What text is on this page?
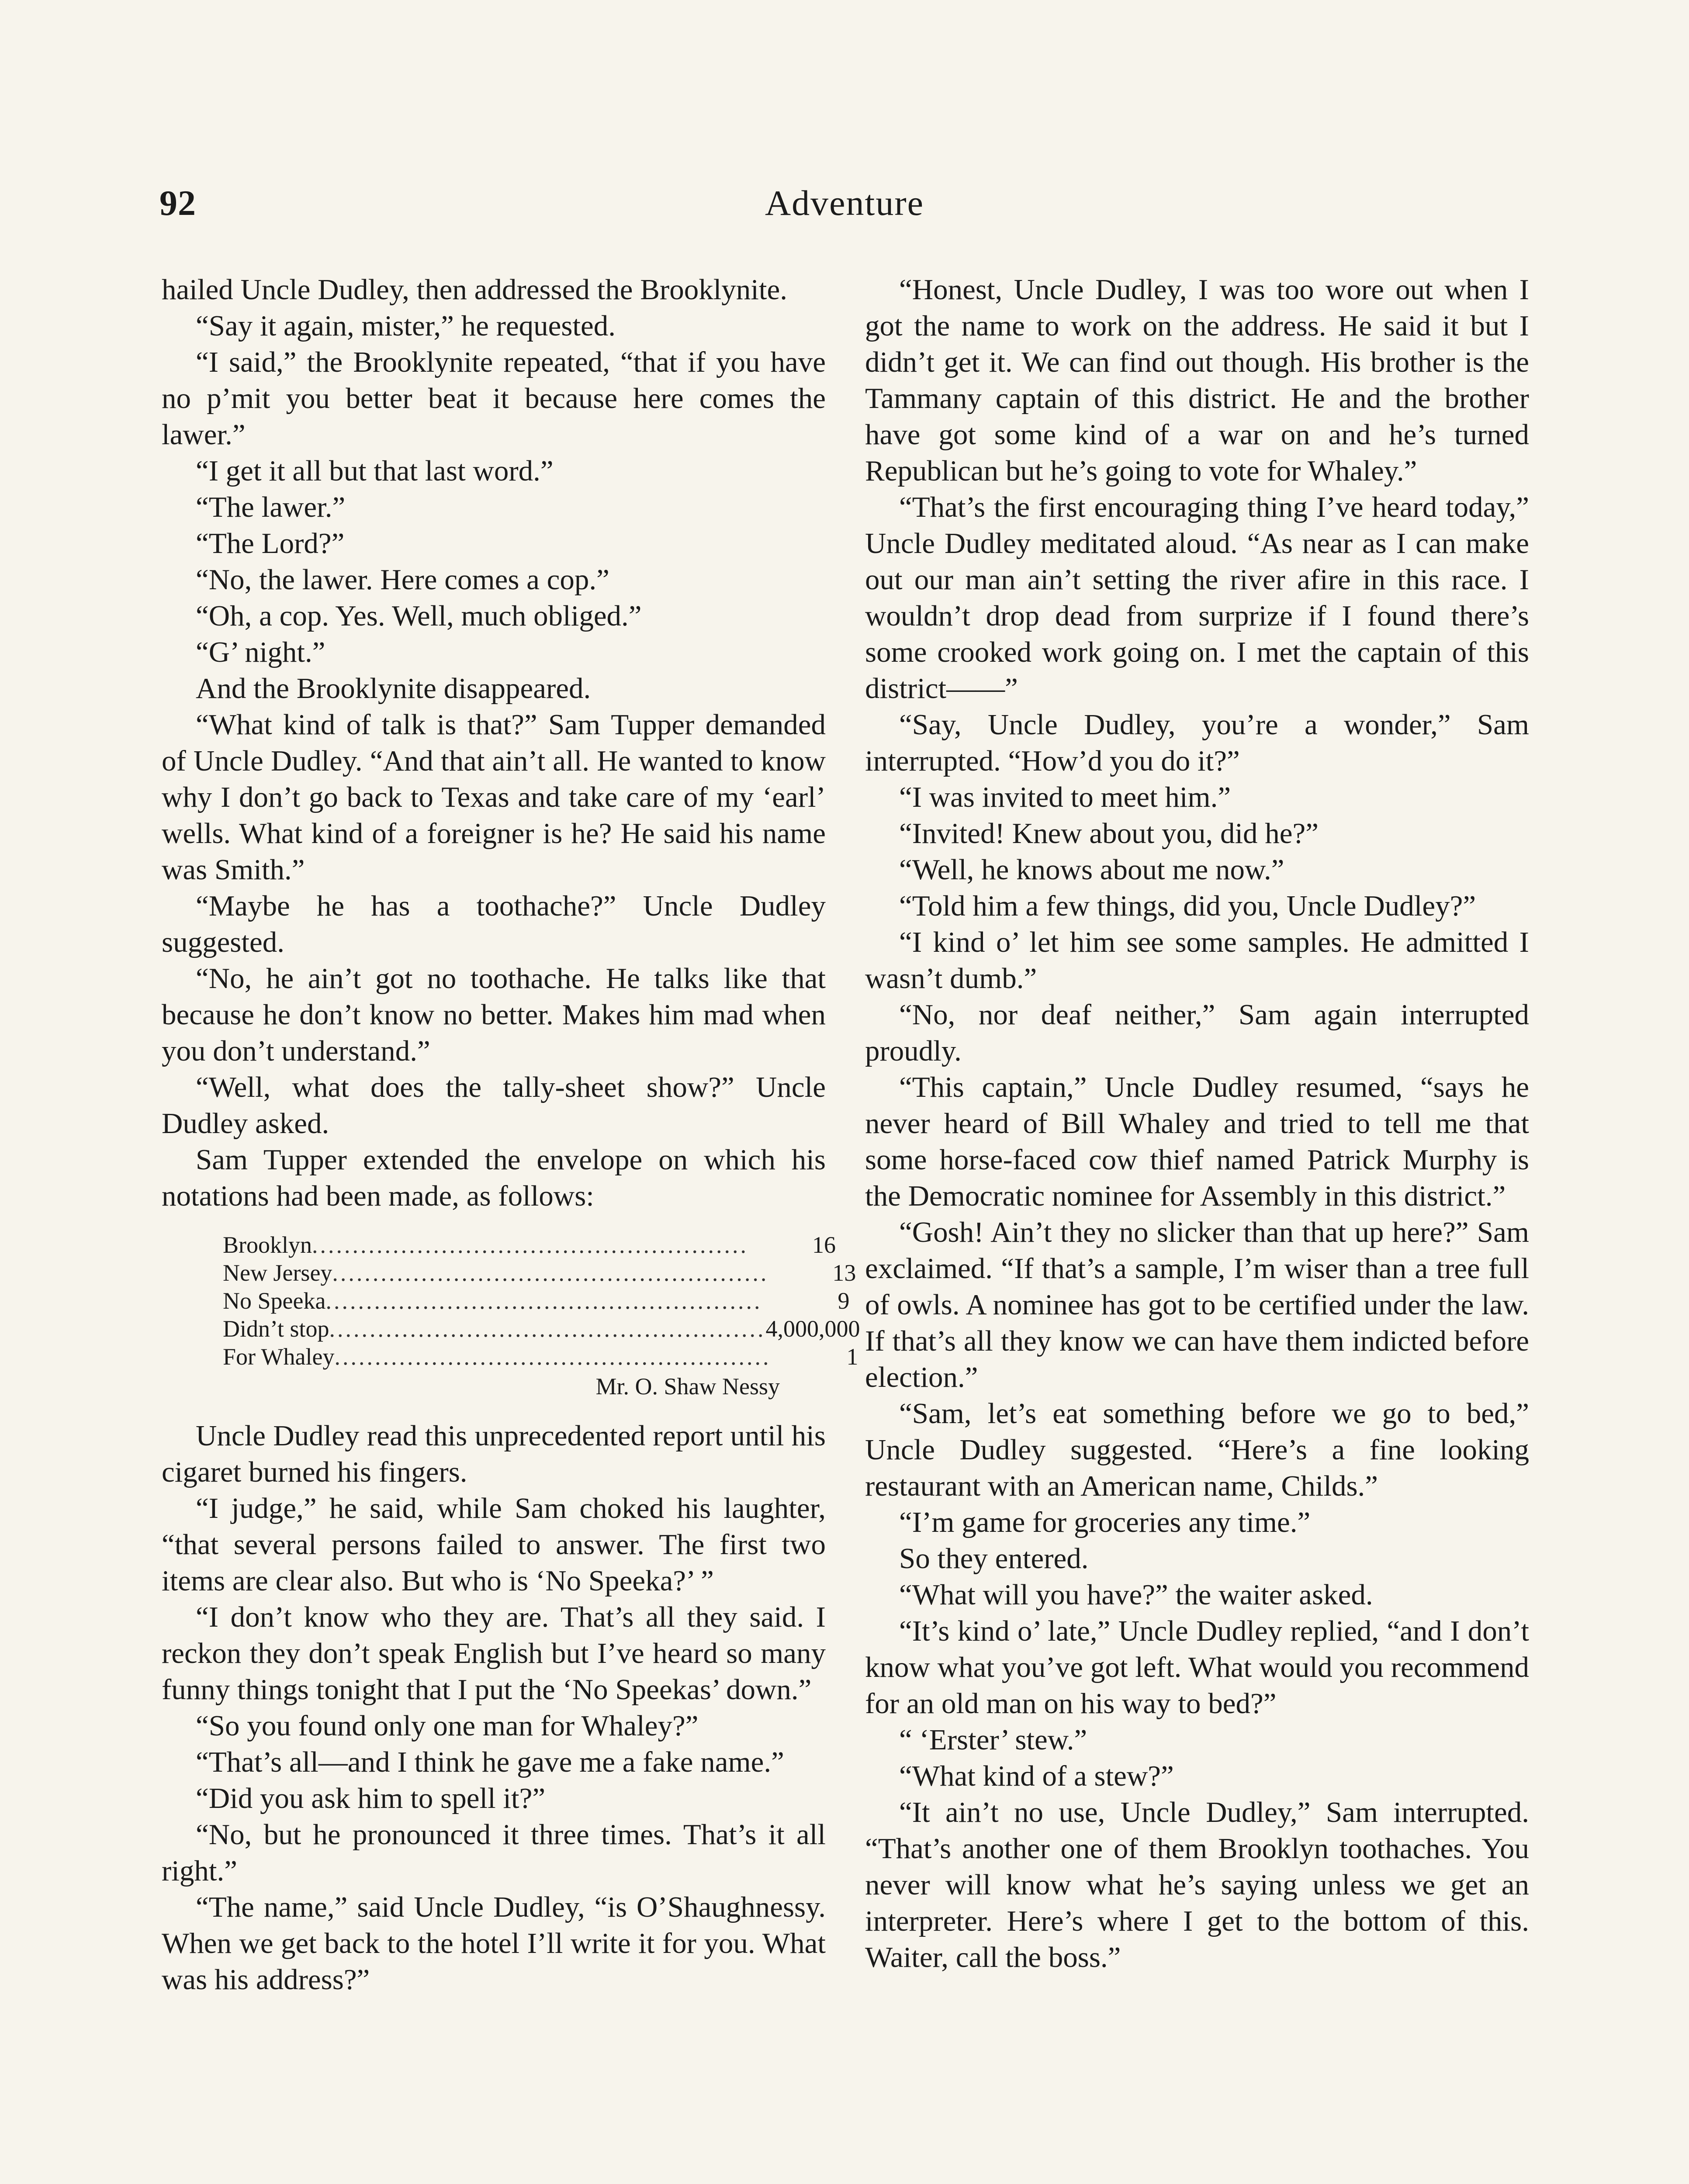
92	Adventure

hailed Uncle Dudley, then addressed the Brooklynite.

“Say it again, mister,” he requested.

“I said,” the Brooklynite repeated, “that if you have no p’mit you better beat it because here comes the lawer.”

“I get it all but that last word.”

“The lawer.”

“The Lord?”

“No, the lawer. Here comes a cop.”

“Oh, a cop. Yes. Well, much obliged.”

“G’ night.”

And the Brooklynite disappeared.

“What kind of talk is that?” Sam Tupper demanded of Uncle Dudley. “And that ain’t all. He wanted to know why I don’t go back to Texas and take care of my ‘earl’ wells. What kind of a foreigner is he? He said his name was Smith.”

“Maybe he has a toothache?” Uncle Dudley suggested.

“No, he ain’t got no toothache. He talks like that because he don’t know no better. Makes him mad when you don’t understand.”

“Well, what does the tally-sheet show?” Uncle Dudley asked.

Sam Tupper extended the envelope on which his notations had been made, as follows:

Brooklyn ......................................................	16
New Jersey ......................................................	13
No Speeka ......................................................	9
Didn’t stop ...................................................... 4,000,000
For Whaley ......................................................	1
Mr. O. Shaw Nessy

Uncle Dudley read this unprecedented report until his cigaret burned his fingers.

“I judge,” he said, while Sam choked his laughter, “that several persons failed to answer. The first two items are clear also. But who is ‘No Speeka?’ ”

“I don’t know who they are. That’s all they said. I reckon they don’t speak English but I’ve heard so many funny things tonight that I put the ‘No Speekas’ down.”

“So you found only one man for Whaley?”

“That’s all—and I think he gave me a fake name.”

“Did you ask him to spell it?”

“No, but he pronounced it three times. That’s it all right.”

“The name,” said Uncle Dudley, “is O’Shaughnessy. When we get back to the hotel I’ll write it for you. What was his address?”

“Honest, Uncle Dudley, I was too wore out when I got the name to work on the address. He said it but I didn’t get it. We can find out though. His brother is the Tammany captain of this district. He and the brother have got some kind of a war on and he’s turned Republican but he’s going to vote for Whaley.”

“That’s the first encouraging thing I’ve heard today,” Uncle Dudley meditated aloud. “As near as I can make out our man ain’t setting the river afire in this race. I wouldn’t drop dead from surprize if I found there’s some crooked work going on. I met the captain of this district——”

“Say, Uncle Dudley, you’re a wonder,” Sam interrupted. “How’d you do it?”

“I was invited to meet him.”

“Invited! Knew about you, did he?”

“Well, he knows about me now.”

“Told him a few things, did you, Uncle Dudley?”

“I kind o’ let him see some samples. He admitted I wasn’t dumb.”

“No, nor deaf neither,” Sam again interrupted proudly.

“This captain,” Uncle Dudley resumed, “says he never heard of Bill Whaley and tried to tell me that some horse-faced cow thief named Patrick Murphy is the Democratic nominee for Assembly in this district.”

“Gosh! Ain’t they no slicker than that up here?” Sam exclaimed. “If that’s a sample, I’m wiser than a tree full of owls. A nominee has got to be certified under the law. If that’s all they know we can have them indicted before election.”

“Sam, let’s eat something before we go to bed,” Uncle Dudley suggested. “Here’s a fine looking restaurant with an American name, Childs.”

“I’m game for groceries any time.”

So they entered.

“What will you have?” the waiter asked.

“It’s kind o’ late,” Uncle Dudley replied, “and I don’t know what you’ve got left. What would you recommend for an old man on his way to bed?”

“ ‘Erster’ stew.”

“What kind of a stew?”

“It ain’t no use, Uncle Dudley,” Sam interrupted. “That’s another one of them Brooklyn toothaches. You never will know what he’s saying unless we get an interpreter. Here’s where I get to the bottom of this. Waiter, call the boss.”
